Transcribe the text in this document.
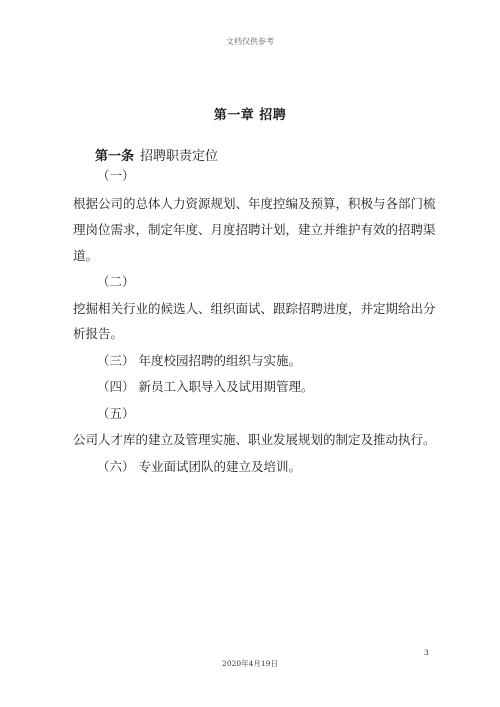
文档仅供参考
第一章 招聘
第一条 招聘职责定位
（一）
根据公司的总体人力资源规划、年度控编及预算，积极与各部门梳
理岗位需求，制定年度、月度招聘计划，建立并维护有效的招聘渠
道。
（二）
挖掘相关行业的候选人、组织面试、跟踪招聘进度，并定期给出分
析报告。
（三） 年度校园招聘的组织与实施。
（四） 新员工入职导入及试用期管理。
（五）
公司人才库的建立及管理实施、职业发展规划的制定及推动执行。
（六） 专业面试团队的建立及培训。
3
2020年4月19日
